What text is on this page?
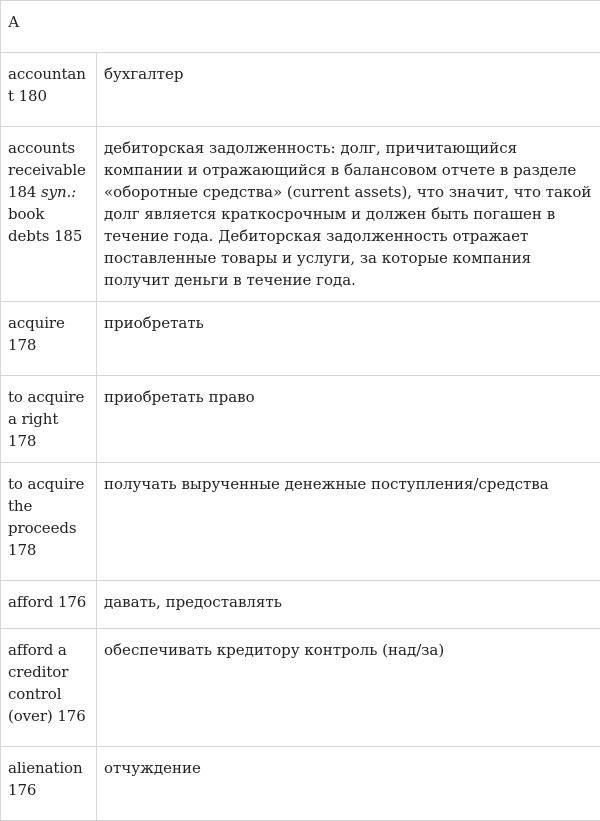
А	
accountant 180	бухгалтер
accounts receivable 184 syn.: book debts 185	дебиторская задолженность: долг, причитающийся компании и отражающийся в балансовом отчете в разделе «оборотные средства» (current assets), что значит, что такой долг является краткосрочным и должен быть погашен в течение года. Дебиторская задолженность отражает поставленные товары и услуги, за которые компания получит деньги в течение года.
acquire 178	приобретать
to acquire a right 178	приобретать право
to acquire the proceeds 178	получать вырученные денежные поступления/средства
afford 176	давать, предоставлять
afford a creditor control (over) 176	обеспечивать кредитору контроль (над/за)
alienation 176	отчуждение
